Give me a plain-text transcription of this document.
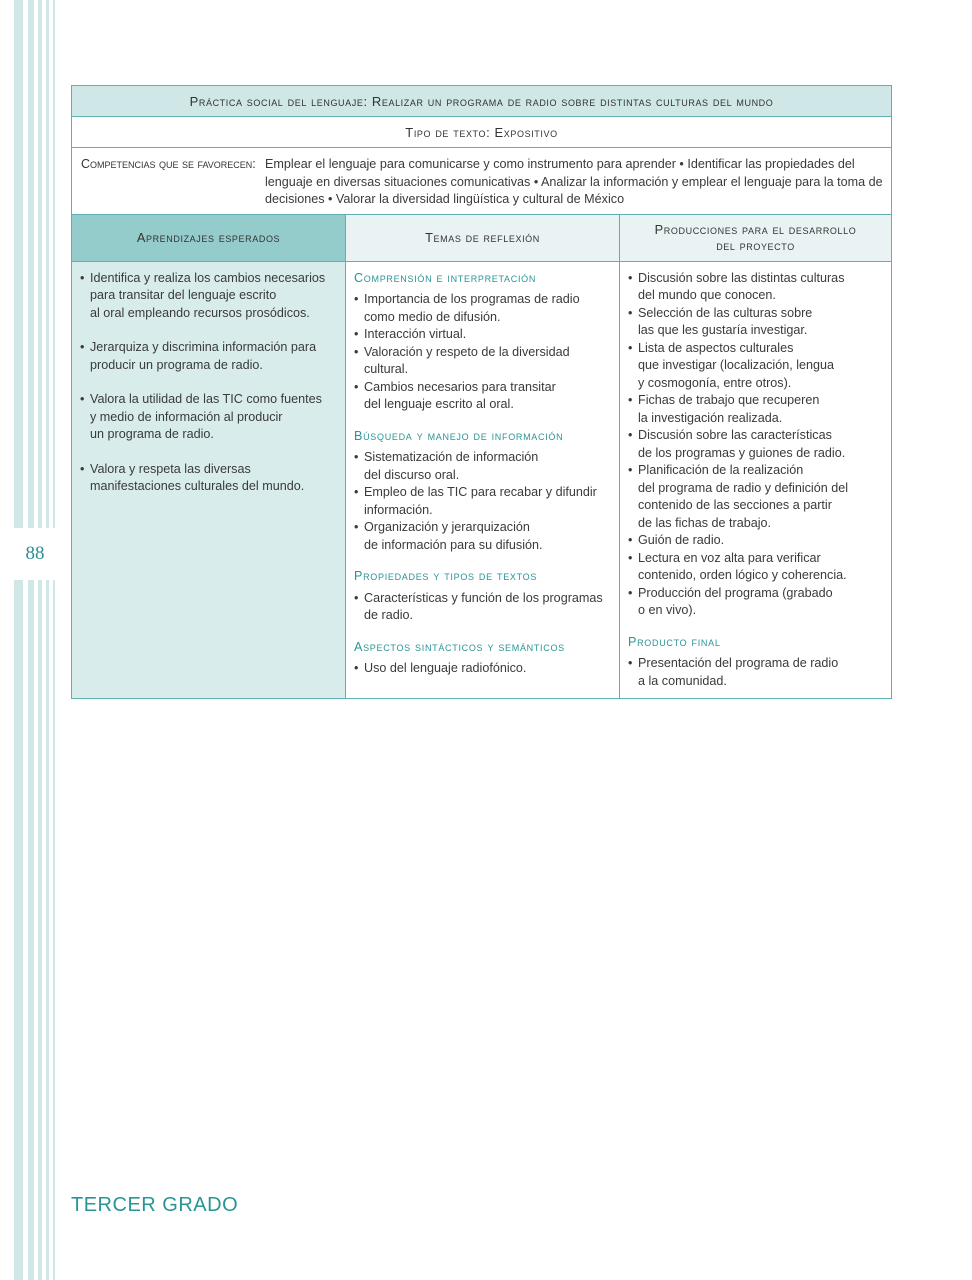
88
Práctica social del lenguaje: Realizar un programa de radio sobre distintas culturas del mundo
Tipo de texto: Expositivo
Competencias que se favorecen: Emplear el lenguaje para comunicarse y como instrumento para aprender • Identificar las propiedades del lenguaje en diversas situaciones comunicativas • Analizar la información y emplear el lenguaje para la toma de decisiones • Valorar la diversidad lingüística y cultural de México
Aprendizajes esperados	Temas de reflexión
Producciones para el desarrollo
del proyecto
• Identifica y realiza los cambios necesarios
para transitar del lenguaje escrito
al oral empleando recursos prosódicos.
• Jerarquiza y discrimina información para
producir un programa de radio.
• Valora la utilidad de las TIC como fuentes
y medio de información al producir
un programa de radio.
• Valora y respeta las diversas
manifestaciones culturales del mundo.
Comprensión e interpretación
• Importancia de los programas de radio
como medio de difusión.
• Interacción virtual.
• Valoración y respeto de la diversidad
cultural.
• Cambios necesarios para transitar
del lenguaje escrito al oral.
Búsqueda y manejo de información
• Sistematización de información
del discurso oral.
• Empleo de las TIC para recabar y difundir
información.
• Organización y jerarquización
de información para su difusión.
Propiedades y tipos de textos
• Características y función de los programas
de radio.
Aspectos sintácticos y semánticos
• Uso del lenguaje radiofónico.
• Discusión sobre las distintas culturas
del mundo que conocen.
• Selección de las culturas sobre
las que les gustaría investigar.
• Lista de aspectos culturales
que investigar (localización, lengua
y cosmogonía, entre otros).
• Fichas de trabajo que recuperen
la investigación realizada.
• Discusión sobre las características
de los programas y guiones de radio.
• Planificación de la realización
del programa de radio y definición del
contenido de las secciones a partir
de las fichas de trabajo.
• Guión de radio.
• Lectura en voz alta para verificar
contenido, orden lógico y coherencia.
• Producción del programa (grabado
o en vivo).
Producto final
• Presentación del programa de radio
a la comunidad.
TERCER GRADO
